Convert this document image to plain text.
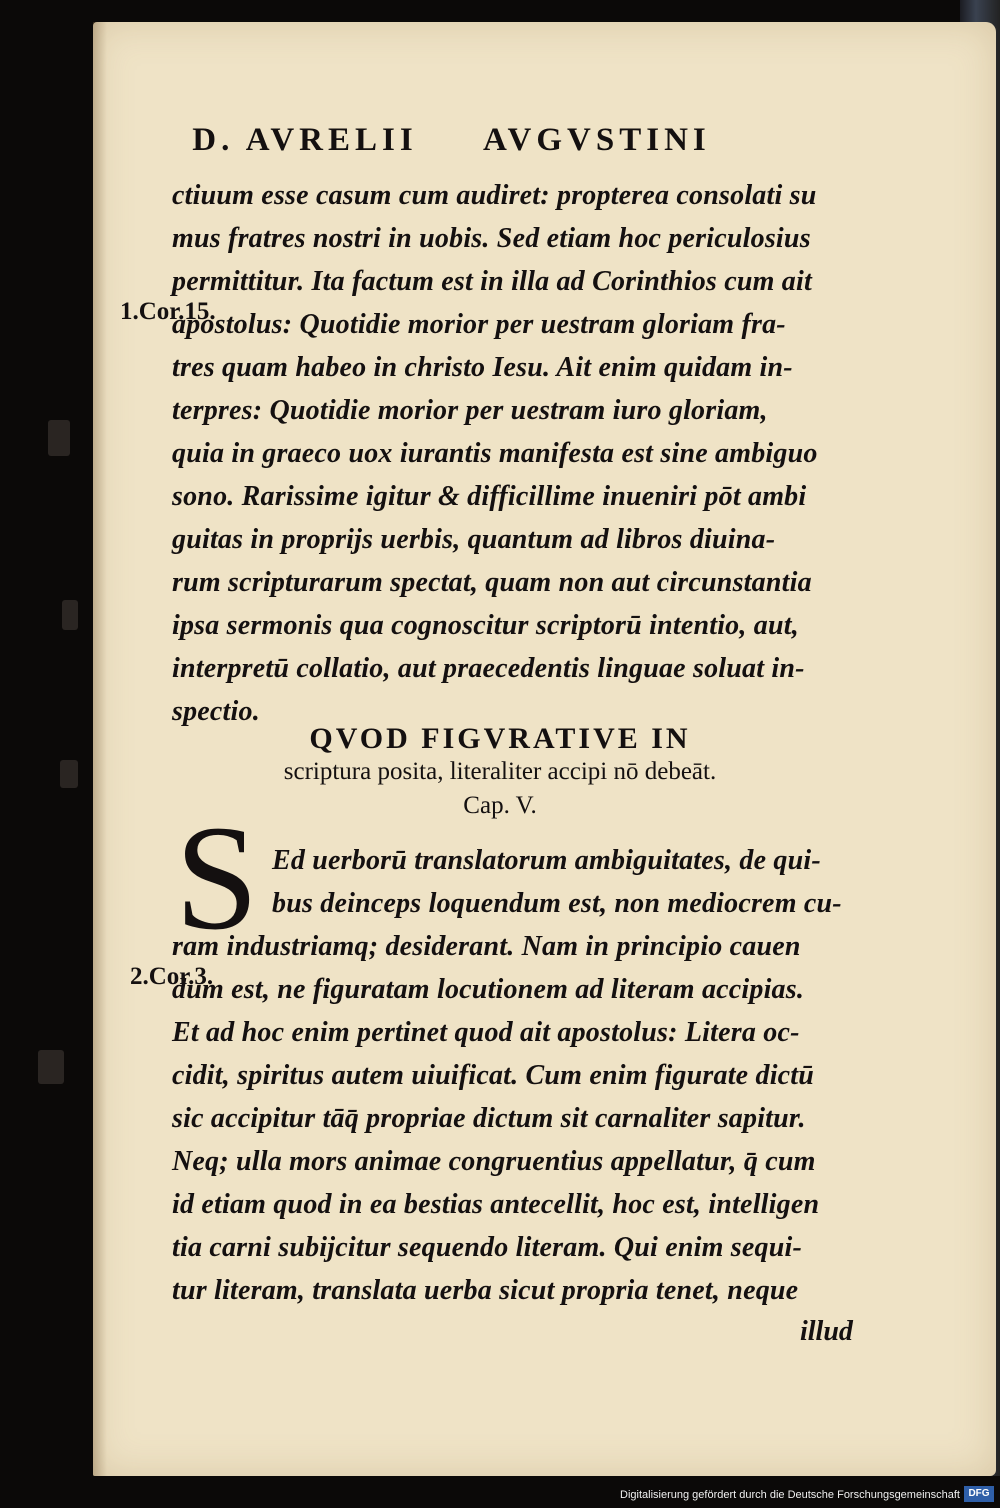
D. AVRELII AVGVSTINI
1.Cor.15.
2.Cor.3.
ctiuum esse casum cum audiret: propterea consolati su
mus fratres nostri in uobis. Sed etiam hoc periculosius
permittitur. Ita factum est in illa ad Corinthios cum ait
apostolus: Quotidie morior per uestram gloriam fra-
tres quam habeo in christo Iesu. Ait enim quidam in-
terpres: Quotidie morior per uestram iuro gloriam,
quia in graeco uox iurantis manifesta est sine ambiguo
sono. Rarissime igitur & difficillime inueniri pōt ambi
guitas in proprijs uerbis, quantum ad libros diuina-
rum scripturarum spectat, quam non aut circunstantia
ipsa sermonis qua cognoscitur scriptorū intentio, aut,
interpretū collatio, aut praecedentis linguae soluat in-
spectio.
QVOD FIGVRATIVE IN
scriptura posita, literaliter accipi nō debeāt.
Cap. V.
S Ed uerborū translatorum ambiguitates, de qui-
bus deinceps loquendum est, non mediocrem cu-
ram industriamq; desiderant. Nam in principio cauen
dum est, ne figuratam locutionem ad literam accipias.
Et ad hoc enim pertinet quod ait apostolus: Litera oc-
cidit, spiritus autem uiuificat. Cum enim figurate dictū
sic accipitur tāq̄ propriae dictum sit carnaliter sapitur.
Neq; ulla mors animae congruentius appellatur, q̄ cum
id etiam quod in ea bestias antecellit, hoc est, intelligen
tia carni subijcitur sequendo literam. Qui enim sequi-
tur literam, translata uerba sicut propria tenet, neque
illud
Digitalisierung gefördert durch die Deutsche Forschungsgemeinschaft DFG
